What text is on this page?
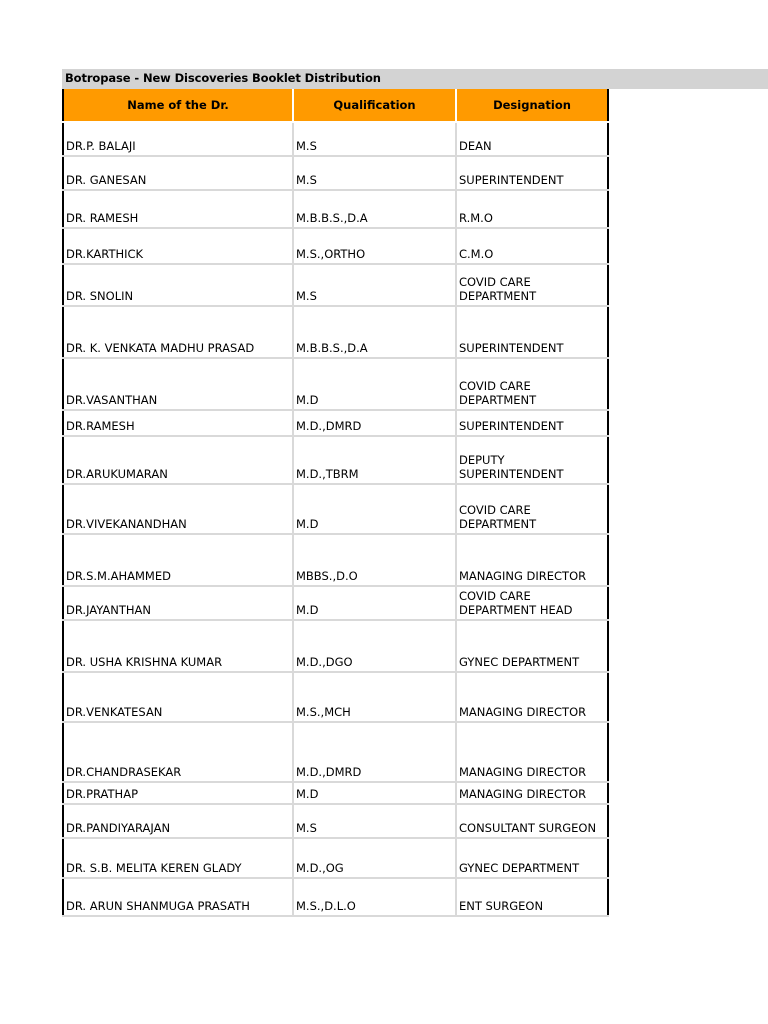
Botropase - New Discoveries Booklet Distribution
Name of the Dr.	Qualification	Designation

DR.P. BALAJI	M.S	DEAN

DR. GANESAN	M.S	SUPERINTENDENT

DR. RAMESH	M.B.B.S.,D.A	R.M.O

DR.KARTHICK	M.S.,ORTHO	C.M.O

DR. SNOLIN	M.S	COVID CARE DEPARTMENT

DR. K. VENKATA MADHU PRASAD	M.B.B.S.,D.A	SUPERINTENDENT

DR.VASANTHAN	M.D	COVID CARE DEPARTMENT

DR.RAMESH	M.D.,DMRD	SUPERINTENDENT

DR.ARUKUMARAN	M.D.,TBRM	DEPUTY SUPERINTENDENT

DR.VIVEKANANDHAN	M.D	COVID CARE DEPARTMENT

DR.S.M.AHAMMED	MBBS.,D.O	MANAGING DIRECTOR

DR.JAYANTHAN	M.D	COVID CARE DEPARTMENT HEAD

DR. USHA KRISHNA KUMAR	M.D.,DGO	GYNEC DEPARTMENT

DR.VENKATESAN	M.S.,MCH	MANAGING DIRECTOR

DR.CHANDRASEKAR	M.D.,DMRD	MANAGING DIRECTOR

DR.PRATHAP	M.D	MANAGING DIRECTOR

DR.PANDIYARAJAN	M.S	CONSULTANT SURGEON

DR. S.B. MELITA KEREN GLADY	M.D.,OG	GYNEC DEPARTMENT

DR. ARUN SHANMUGA PRASATH	M.S.,D.L.O	ENT SURGEON
